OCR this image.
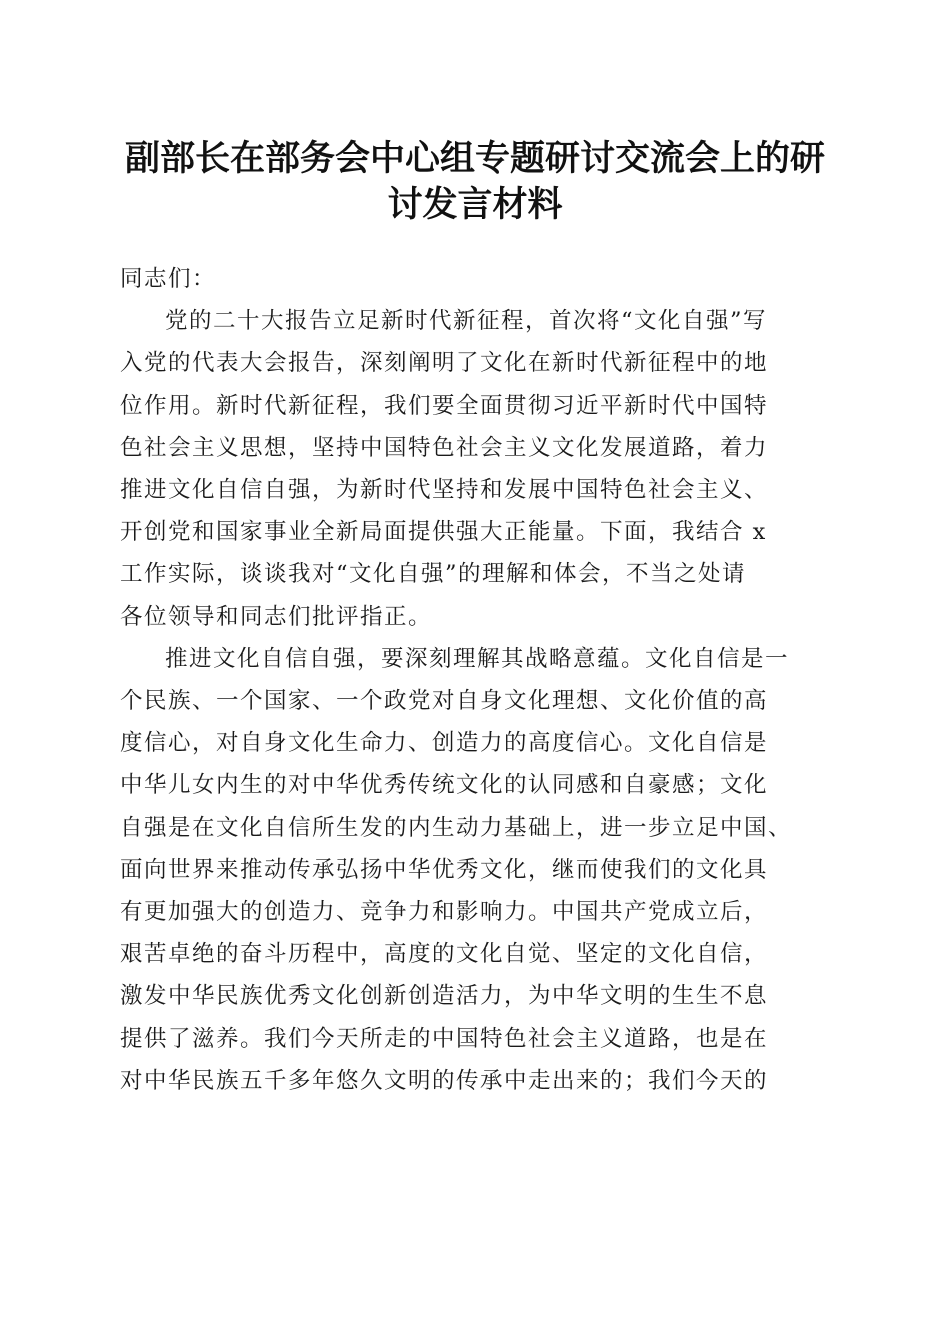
副部长在部务会中心组专题研讨交流会上的研
讨发言材料

同志们：

党的二十大报告立足新时代新征程，首次将“文化自强”写
入党的代表大会报告，深刻阐明了文化在新时代新征程中的地
位作用。新时代新征程，我们要全面贯彻习近平新时代中国特
色社会主义思想，坚持中国特色社会主义文化发展道路，着力
推进文化自信自强，为新时代坚持和发展中国特色社会主义、
开创党和国家事业全新局面提供强大正能量。下面，我结合 x
工作实际，谈谈我对“文化自强”的理解和体会，不当之处请
各位领导和同志们批评指正。

推进文化自信自强，要深刻理解其战略意蕴。文化自信是一
个民族、一个国家、一个政党对自身文化理想、文化价值的高
度信心，对自身文化生命力、创造力的高度信心。文化自信是
中华儿女内生的对中华优秀传统文化的认同感和自豪感；文化
自强是在文化自信所生发的内生动力基础上，进一步立足中国、
面向世界来推动传承弘扬中华优秀文化，继而使我们的文化具
有更加强大的创造力、竞争力和影响力。中国共产党成立后，
艰苦卓绝的奋斗历程中，高度的文化自觉、坚定的文化自信，
激发中华民族优秀文化创新创造活力，为中华文明的生生不息
提供了滋养。我们今天所走的中国特色社会主义道路，也是在
对中华民族五千多年悠久文明的传承中走出来的；我们今天的
